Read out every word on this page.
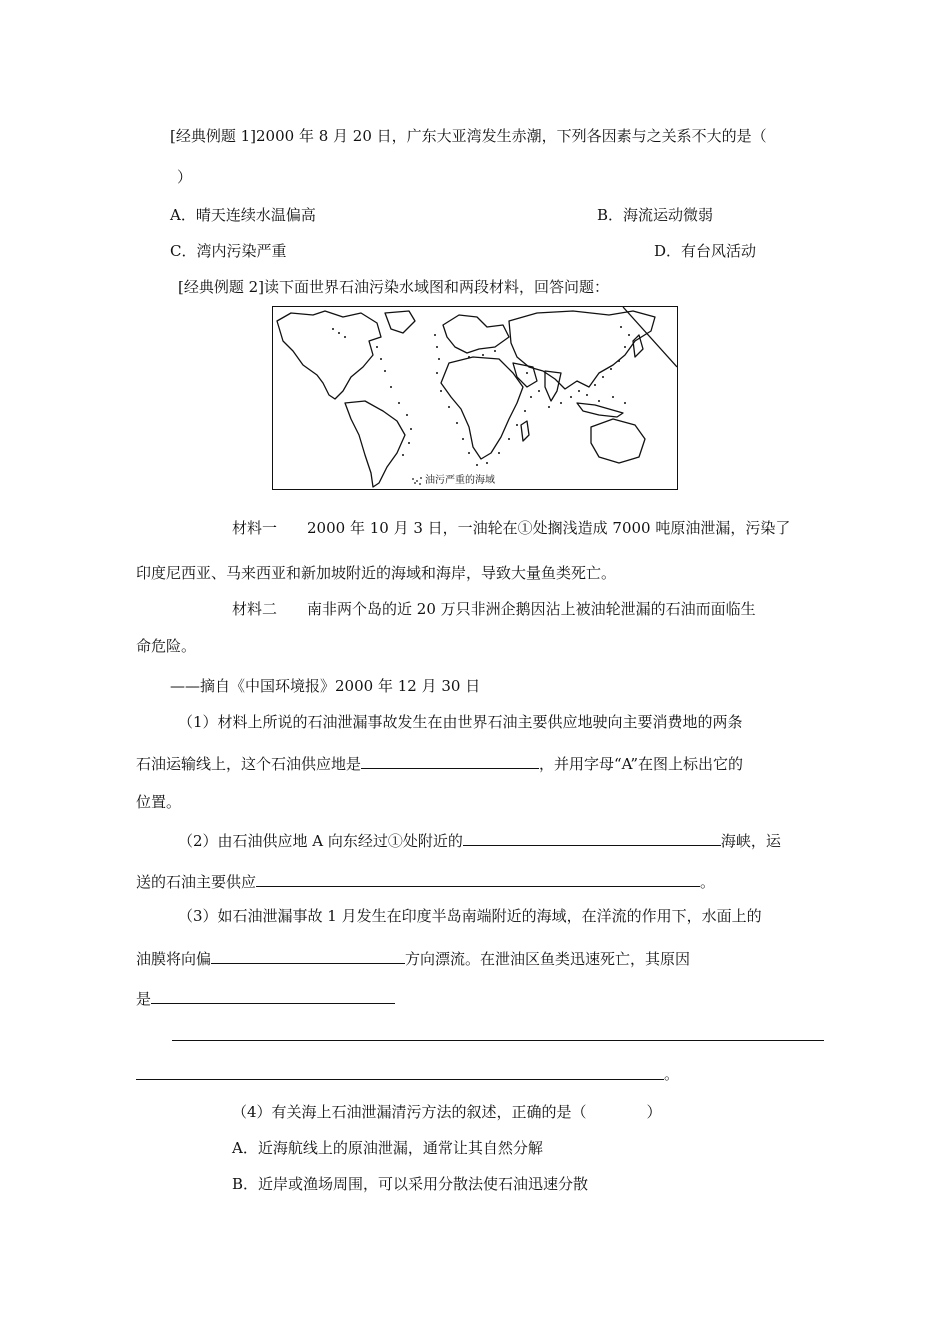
[经典例题 1]2000 年 8 月 20 日，广东大亚湾发生赤潮，下列各因素与之关系不大的是（
）
A．晴天连续水温偏高	B．海流运动微弱
C．湾内污染严重	D．有台风活动
[经典例题 2]读下面世界石油污染水域图和两段材料，回答问题：
油污严重的海域
材料一　　2000 年 10 月 3 日，一油轮在①处搁浅造成 7000 吨原油泄漏，污染了
印度尼西亚、马来西亚和新加坡附近的海域和海岸，导致大量鱼类死亡。
材料二　　南非两个岛的近 20 万只非洲企鹅因沾上被油轮泄漏的石油而面临生
命危险。
——摘自《中国环境报》2000 年 12 月 30 日
（1）材料上所说的石油泄漏事故发生在由世界石油主要供应地驶向主要消费地的两条
石油运输线上，这个石油供应地是	，并用字母“A”在图上标出它的
位置。
（2）由石油供应地 A 向东经过①处附近的	海峡，运
送的石油主要供应	。
（3）如石油泄漏事故 1 月发生在印度半岛南端附近的海域，在洋流的作用下，水面上的
油膜将向偏	方向漂流。在泄油区鱼类迅速死亡，其原因
是
。
（4）有关海上石油泄漏清污方法的叙述，正确的是（　　　　）
A．近海航线上的原油泄漏，通常让其自然分解
B．近岸或渔场周围，可以采用分散法使石油迅速分散
